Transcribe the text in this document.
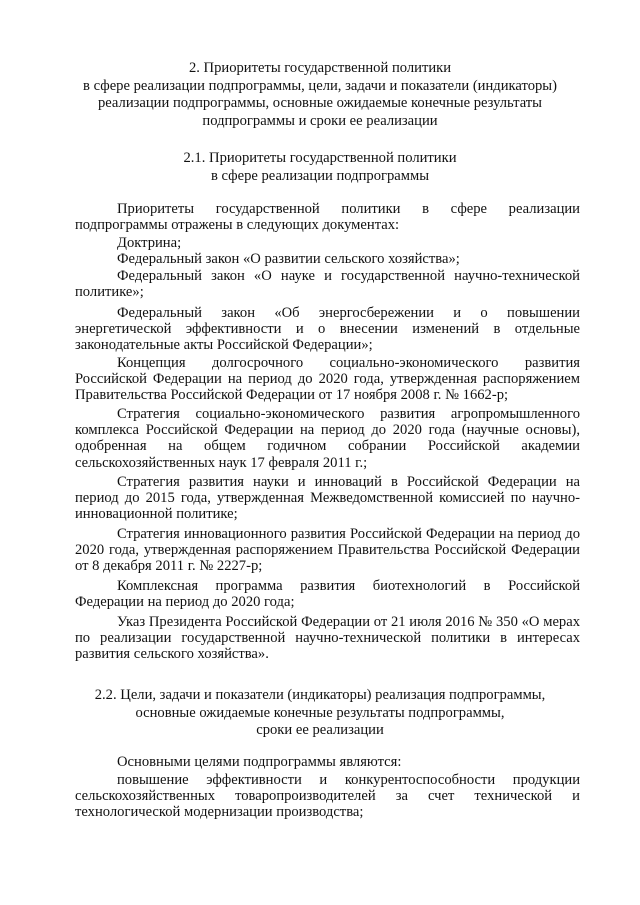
2. Приоритеты государственной политики
в сфере реализации подпрограммы, цели, задачи и показатели (индикаторы)
реализации подпрограммы, основные ожидаемые конечные результаты
подпрограммы и сроки ее реализации
2.1. Приоритеты государственной политики
в сфере реализации подпрограммы

Приоритеты государственной политики в сфере реализации подпрограммы отражены в следующих документах:

Доктрина;

Федеральный закон «О развитии сельского хозяйства»;

Федеральный закон «О науке и государственной научно-технической политике»;

Федеральный закон «Об энергосбережении и о повышении энергетической эффективности и о внесении изменений в отдельные законодательные акты Российской Федерации»;

Концепция долгосрочного социально-экономического развития Российской Федерации на период до 2020 года, утвержденная распоряжением Правительства Российской Федерации от 17 ноября 2008 г. № 1662-р;

Стратегия социально-экономического развития агропромышленного комплекса Российской Федерации на период до 2020 года (научные основы), одобренная на общем годичном собрании Российской академии сельскохозяйственных наук 17 февраля 2011 г.;

Стратегия развития науки и инноваций в Российской Федерации на период до 2015 года, утвержденная Межведомственной комиссией по научно-инновационной политике;

Стратегия инновационного развития Российской Федерации на период до 2020 года, утвержденная распоряжением Правительства Российской Федерации от 8 декабря 2011 г. № 2227-р;

Комплексная программа развития биотехнологий в Российской Федерации на период до 2020 года;

Указ Президента Российской Федерации от 21 июля 2016 № 350 «О мерах по реализации государственной научно-технической политики в интересах развития сельского хозяйства».

2.2. Цели, задачи и показатели (индикаторы) реализация подпрограммы,
основные ожидаемые конечные результаты подпрограммы,
сроки ее реализации

Основными целями подпрограммы являются:

повышение эффективности и конкурентоспособности продукции сельскохозяйственных товаропроизводителей за счет технической и технологической модернизации производства;
